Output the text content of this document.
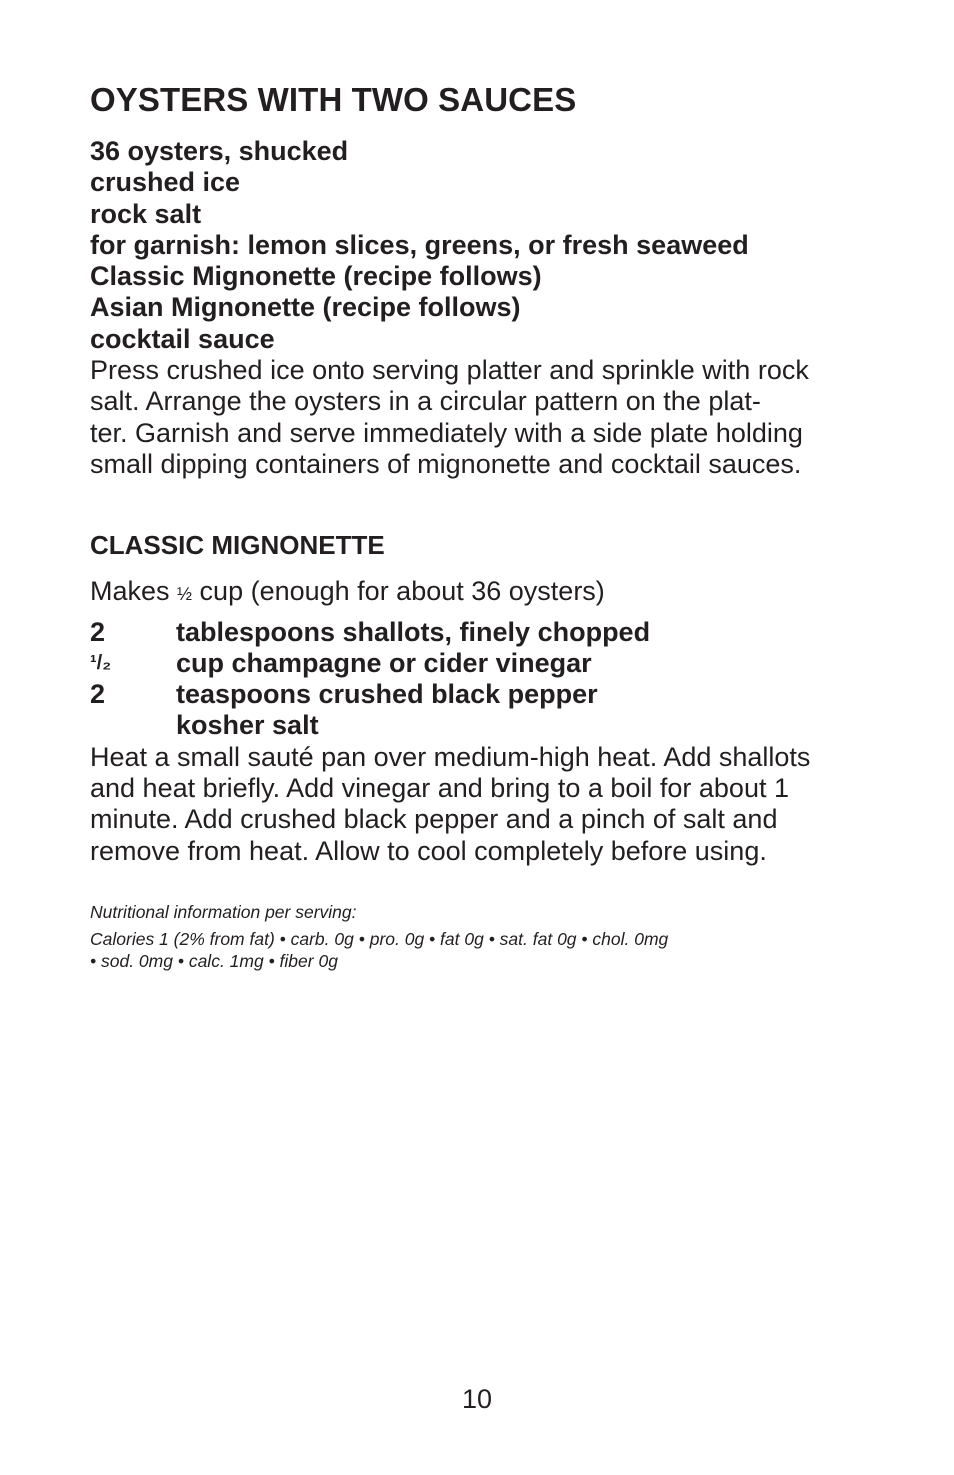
OYSTERS WITH TWO SAUCES
36 oysters, shucked
crushed ice
rock salt
for garnish: lemon slices, greens, or fresh seaweed
Classic Mignonette (recipe follows)
Asian Mignonette (recipe follows)
cocktail sauce

Press crushed ice onto serving platter and sprinkle with rock
salt. Arrange the oysters in a circular pattern on the plat-
ter. Garnish and serve immediately with a side plate holding
small dipping containers of mignonette and cocktail sauces.

CLASSIC MIGNONETTE

Makes ½ cup (enough for about 36 oysters)

2	tablespoons shallots, finely chopped
¹/₂	cup champagne or cider vinegar
2	teaspoons crushed black pepper
kosher salt

Heat a small sauté pan over medium-high heat. Add shallots
and heat briefly. Add vinegar and bring to a boil for about 1
minute. Add crushed black pepper and a pinch of salt and
remove from heat. Allow to cool completely before using.

Nutritional information per serving:
Calories 1 (2% from fat) • carb. 0g • pro. 0g • fat 0g • sat. fat 0g • chol. 0mg
• sod. 0mg • calc. 1mg • fiber 0g
10
